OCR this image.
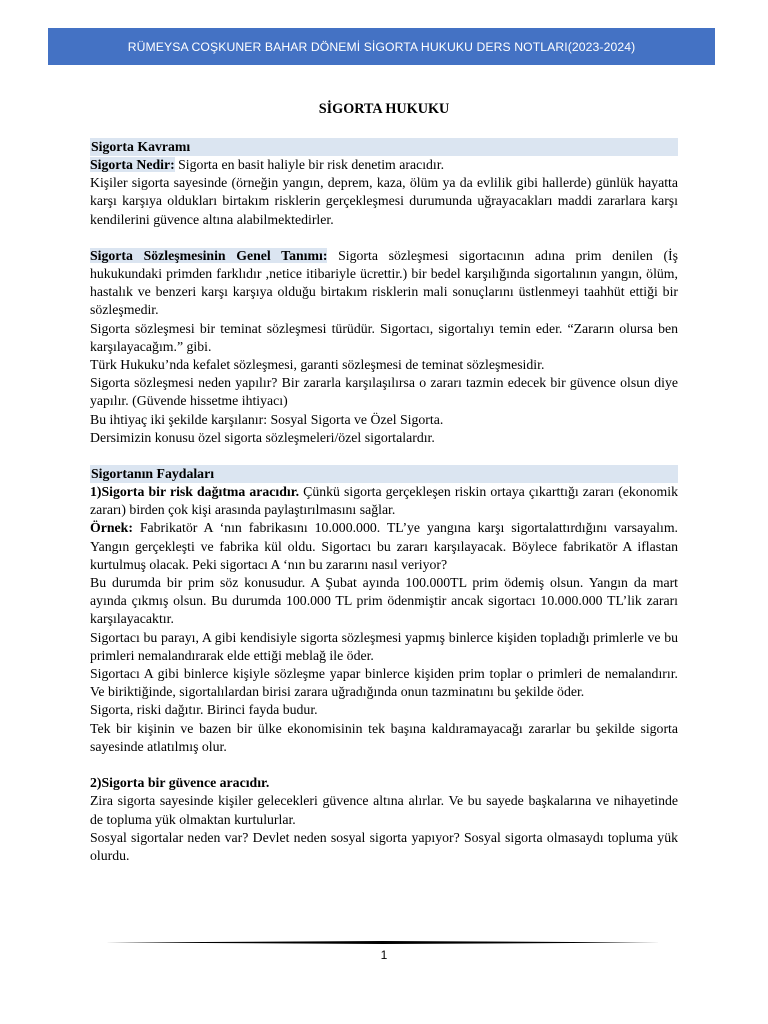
RÜMEYSA COŞKUNER BAHAR DÖNEMİ SİGORTA HUKUKU DERS NOTLARI(2023-2024)
SİGORTA HUKUKU
Sigorta Kavramı

Sigorta Nedir: Sigorta en basit haliyle bir risk denetim aracıdır.

Kişiler sigorta sayesinde (örneğin yangın, deprem, kaza, ölüm ya da evlilik gibi hallerde) günlük hayatta karşı karşıya oldukları birtakım risklerin gerçekleşmesi durumunda uğrayacakları maddi zararlara karşı kendilerini güvence altına alabilmektedirler.

Sigorta Sözleşmesinin Genel Tanımı: Sigorta sözleşmesi sigortacının adına prim denilen (İş hukukundaki primden farklıdır ,netice itibariyle ücrettir.) bir bedel karşılığında sigortalının yangın, ölüm, hastalık ve benzeri karşı karşıya olduğu birtakım risklerin mali sonuçlarını üstlenmeyi taahhüt ettiği bir sözleşmedir.

Sigorta sözleşmesi bir teminat sözleşmesi türüdür. Sigortacı, sigortalıyı temin eder. “Zararın olursa ben karşılayacağım.” gibi.

Türk Hukuku’nda kefalet sözleşmesi, garanti sözleşmesi de teminat sözleşmesidir.

Sigorta sözleşmesi neden yapılır? Bir zararla karşılaşılırsa o zararı tazmin edecek bir güvence olsun diye yapılır. (Güvende hissetme ihtiyacı)

Bu ihtiyaç iki şekilde karşılanır: Sosyal Sigorta ve Özel Sigorta.

Dersimizin konusu özel sigorta sözleşmeleri/özel sigortalardır.

Sigortanın Faydaları

1)Sigorta bir risk dağıtma aracıdır. Çünkü sigorta gerçekleşen riskin ortaya çıkarttığı zararı (ekonomik zararı) birden çok kişi arasında paylaştırılmasını sağlar.

Örnek: Fabrikatör A ‘nın fabrikasını 10.000.000. TL’ye yangına karşı sigortalattırdığını varsayalım. Yangın gerçekleşti ve fabrika kül oldu. Sigortacı bu zararı karşılayacak. Böylece fabrikatör A iflastan kurtulmuş olacak. Peki sigortacı A ‘nın bu zararını nasıl veriyor?

Bu durumda bir prim söz konusudur. A Şubat ayında 100.000TL prim ödemiş olsun. Yangın da mart ayında çıkmış olsun. Bu durumda 100.000 TL prim ödenmiştir ancak sigortacı 10.000.000 TL’lik zararı karşılayacaktır.

Sigortacı bu parayı, A gibi kendisiyle sigorta sözleşmesi yapmış binlerce kişiden topladığı primlerle ve bu primleri nemalandırarak elde ettiği meblağ ile öder.

Sigortacı A gibi binlerce kişiyle sözleşme yapar binlerce kişiden prim toplar o primleri de nemalandırır. Ve biriktiğinde, sigortalılardan birisi zarara uğradığında onun tazminatını bu şekilde öder.

Sigorta, riski dağıtır. Birinci fayda budur.

Tek bir kişinin ve bazen bir ülke ekonomisinin tek başına kaldıramayacağı zararlar bu şekilde sigorta sayesinde atlatılmış olur.

2)Sigorta bir güvence aracıdır.

Zira sigorta sayesinde kişiler gelecekleri güvence altına alırlar. Ve bu sayede başkalarına ve nihayetinde de topluma yük olmaktan kurtulurlar.

Sosyal sigortalar neden var? Devlet neden sosyal sigorta yapıyor? Sosyal sigorta olmasaydı topluma yük olurdu.

1
